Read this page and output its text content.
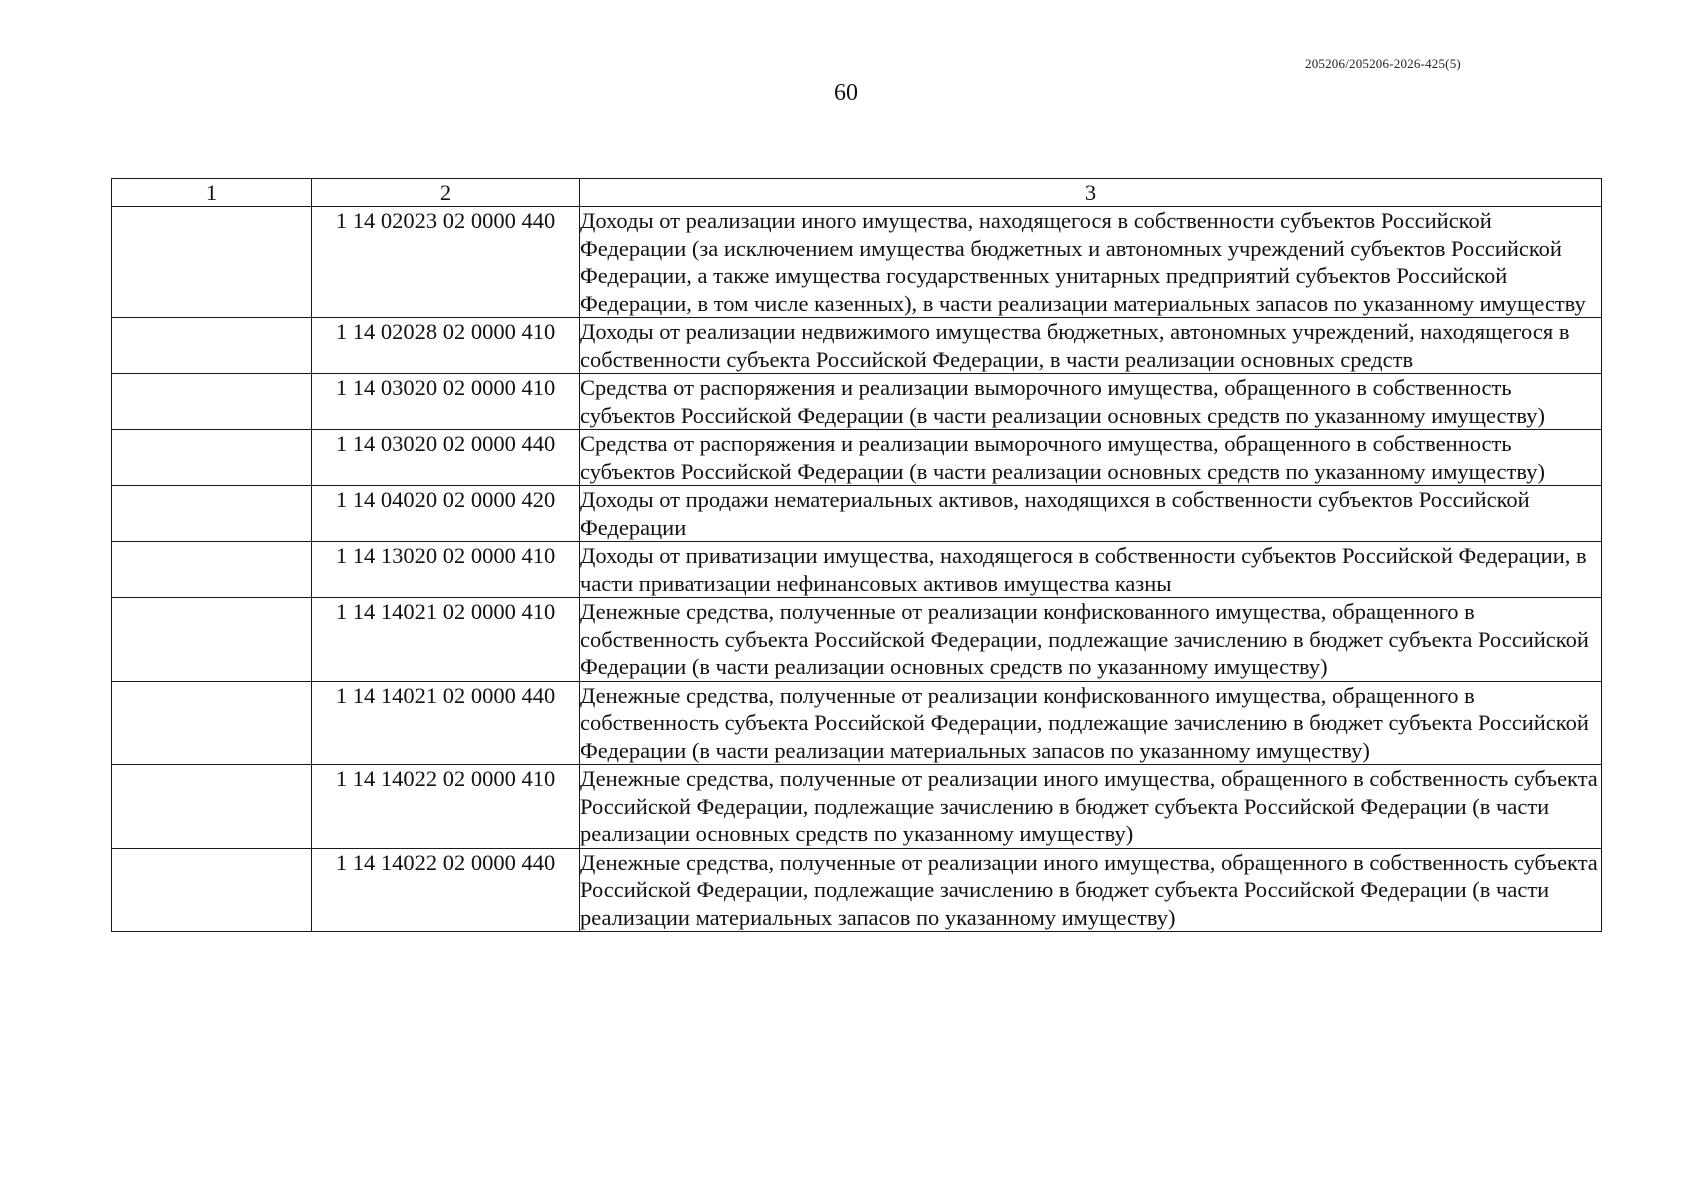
205206/205206-2026-425(5)
60
1	2	3
	1 14 02023 02 0000 440	Доходы от реализации иного имущества, находящегося в собственности субъектов Российской Федерации (за исключением имущества бюджетных и автономных учреждений субъектов Российской Федерации, а также имущества государственных унитарных предприятий субъектов Российской Федерации, в том числе казенных), в части реализации материальных запасов по указанному имуществу
	1 14 02028 02 0000 410	Доходы от реализации недвижимого имущества бюджетных, автономных учреждений, находящегося в собственности субъекта Российской Федерации, в части реализации основных средств
	1 14 03020 02 0000 410	Средства от распоряжения и реализации выморочного имущества, обращенного в собственность субъектов Российской Федерации (в части реализации основных средств по указанному имуществу)
	1 14 03020 02 0000 440	Средства от распоряжения и реализации выморочного имущества, обращенного в собственность субъектов Российской Федерации (в части реализации основных средств по указанному имуществу)
	1 14 04020 02 0000 420	Доходы от продажи нематериальных активов, находящихся в собственности субъектов Российской Федерации
	1 14 13020 02 0000 410	Доходы от приватизации имущества, находящегося в собственности субъектов Российской Федерации, в части приватизации нефинансовых активов имущества казны
	1 14 14021 02 0000 410	Денежные средства, полученные от реализации конфискованного имущества, обращенного в собственность субъекта Российской Федерации, подлежащие зачислению в бюджет субъекта Российской Федерации (в части реализации основных средств по указанному имуществу)
	1 14 14021 02 0000 440	Денежные средства, полученные от реализации конфискованного имущества, обращенного в собственность субъекта Российской Федерации, подлежащие зачислению в бюджет субъекта Российской Федерации (в части реализации материальных запасов по указанному имуществу)
	1 14 14022 02 0000 410	Денежные средства, полученные от реализации иного имущества, обращенного в собственность субъекта Российской Федерации, подлежащие зачислению в бюджет субъекта Российской Федерации (в части реализации основных средств по указанному имуществу)
	1 14 14022 02 0000 440	Денежные средства, полученные от реализации иного имущества, обращенного в собственность субъекта Российской Федерации, подлежащие зачислению в бюджет субъекта Российской Федерации (в части реализации материальных запасов по указанному имуществу)
